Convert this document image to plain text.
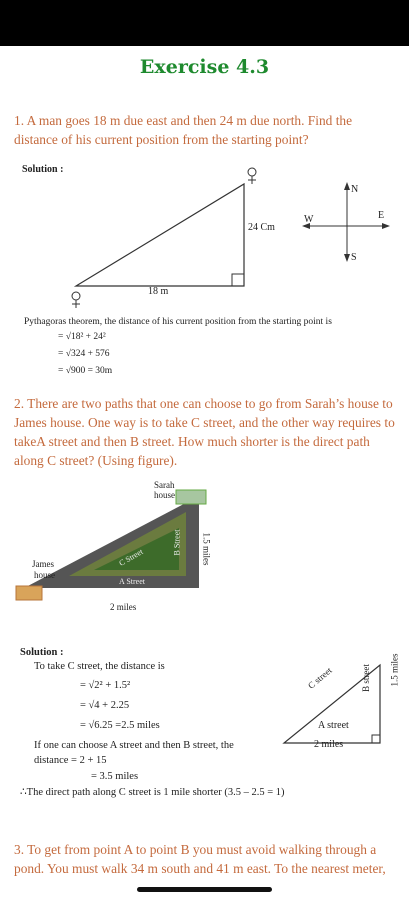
Exercise 4.3
1. A man goes 18 m due east and then 24 m due north. Find the distance of his current position from the starting point?
Solution :
24 Cm
18 m
N
S
E
W
Pythagoras theorem, the distance of his current position from the starting point is
= √18² + 24²
= √324 + 576
= √900 = 30m
2. There are two paths that one can choose to go from Sarah’s house to James house. One way is to take C street, and the other way requires to takeA street and then B street. How much shorter is the direct path along C street? (Using figure).
Sarah
house
James
house
C Street
B Street
A Street
1.5 miles
2 miles
Solution :
To take C street, the distance is
= √2² + 1.5²
= √4 + 2.25
= √6.25 =2.5 miles
If one can choose A street and then B street, the
distance = 2 + 15
= 3.5 miles
∴The direct path along C street is 1 mile shorter (3.5 – 2.5 = 1)
C street	B street 1.5 miles
A street
2 miles
3. To get from point A to point B you must avoid walking through a pond. You must walk 34 m south and 41 m east. To the nearest meter,
